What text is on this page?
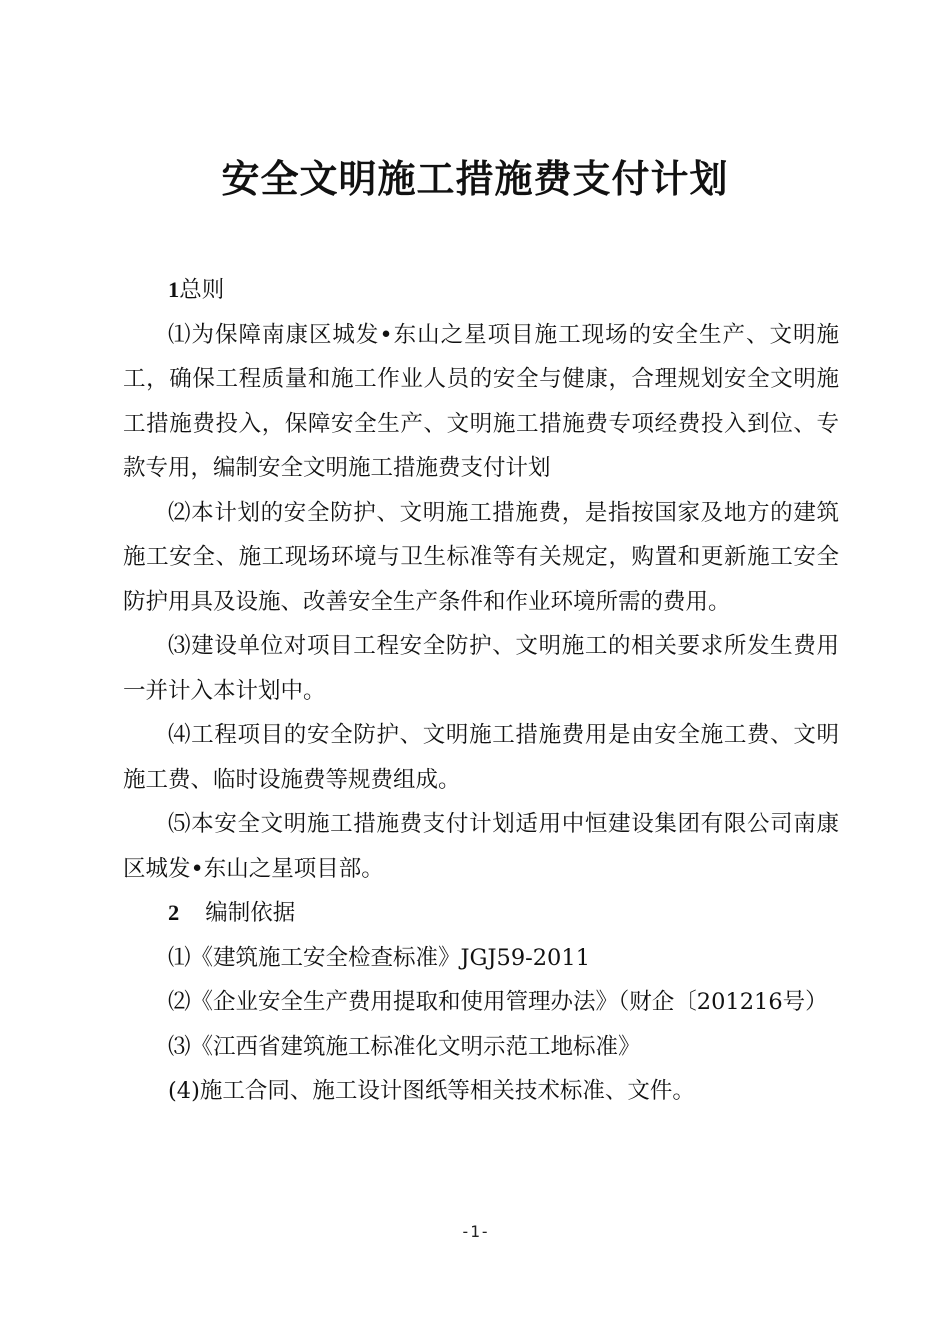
安全文明施工措施费支付计划

1总则

⑴为保障南康区城发•东山之星项目施工现场的安全生产、文明施工，确保工程质量和施工作业人员的安全与健康，合理规划安全文明施工措施费投入，保障安全生产、文明施工措施费专项经费投入到位、专款专用，编制安全文明施工措施费支付计划

⑵本计划的安全防护、文明施工措施费，是指按国家及地方的建筑施工安全、施工现场环境与卫生标准等有关规定，购置和更新施工安全防护用具及设施、改善安全生产条件和作业环境所需的费用。

⑶建设单位对项目工程安全防护、文明施工的相关要求所发生费用一并计入本计划中。

⑷工程项目的安全防护、文明施工措施费用是由安全施工费、文明施工费、临时设施费等规费组成。

⑸本安全文明施工措施费支付计划适用中恒建设集团有限公司南康区城发•东山之星项目部。

2 编制依据

⑴《建筑施工安全检查标准》JGJ59-2011

⑵《企业安全生产费用提取和使用管理办法》（财企〔201216号）

⑶《江西省建筑施工标准化文明示范工地标准》

(4)施工合同、施工设计图纸等相关技术标准、文件。

-1-
